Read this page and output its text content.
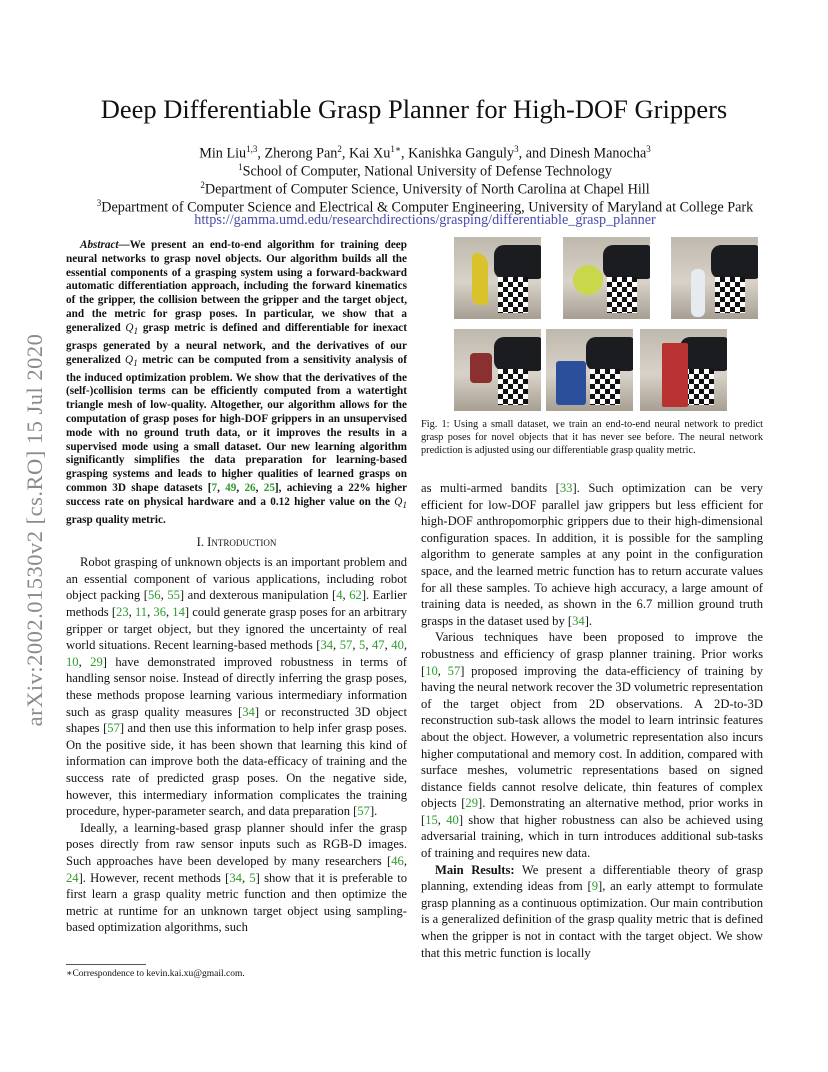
arXiv:2002.01530v2 [cs.RO] 15 Jul 2020
Deep Differentiable Grasp Planner for High-DOF Grippers
Min Liu$^{1,3}$, Zherong Pan$^2$, Kai $Xu^{1∗}$, Kanishka Ganguly$^3$, and Dinesh Manocha$^3$
$^1$School of Computer, National University of Defense Technology
$^2$Department of Computer Science, University of North Carolina at Chapel Hill
$^3$Department of Computer Science and Electrical & Computer Engineering, University of Maryland at College Park
https://gamma.umd.edu/researchdirections/grasping/differentiable_grasp_planner

Abstract—We present an end-to-end algorithm for training deep neural networks to grasp novel objects. Our algorithm builds all the essential components of a grasping system using a forward-backward automatic differentiation approach, including the forward kinematics of the gripper, the collision between the gripper and the target object, and the metric for grasp poses. In particular, we show that a generalized $Q_1$ grasp metric is defined and differentiable for inexact grasps generated by a neural network, and the derivatives of our generalized $Q_1$ metric can be computed from a sensitivity analysis of the induced optimization problem. We show that the derivatives of the (self-)collision terms can be efficiently computed from a watertight triangle mesh of low-quality. Altogether, our algorithm allows for the computation of grasp poses for high-DOF grippers in an unsupervised mode with no ground truth data, or it improves the results in a supervised mode using a small dataset. Our new learning algorithm significantly simplifies the data preparation for learning-based grasping systems and leads to higher qualities of learned grasps on common 3D shape datasets [7, 49, 26, 25], achieving a 22% higher success rate on physical hardware and a 0.12 higher value on the $Q_1$ grasp quality metric.

I. Introduction

Robot grasping of unknown objects is an important problem and an essential component of various applications, including robot object packing [56, 55] and dexterous manipulation [4, 62]. Earlier methods [23, 11, 36, 14] could generate grasp poses for an arbitrary gripper or target object, but they ignored the uncertainty of real world situations. Recent learning-based methods [34, 57, 5, 47, 40, 10, 29] have demonstrated improved robustness in terms of handling sensor noise. Instead of directly inferring the grasp poses, these methods propose learning various intermediary information such as grasp quality measures [34] or reconstructed 3D object shapes [57] and then use this information to help infer grasp poses. On the positive side, it has been shown that learning this kind of information can improve both the data-efficacy of training and the success rate of predicted grasp poses. On the negative side, however, this intermediary information complicates the training procedure, hyper-parameter search, and data preparation [57].

Ideally, a learning-based grasp planner should infer the grasp poses directly from raw sensor inputs such as RGB-D images. Such approaches have been developed by many researchers [46, 24]. However, recent methods [34, 5] show that it is preferable to first learn a grasp quality metric function and then optimize the metric at runtime for an unknown target object using sampling-based optimization algorithms, such

∗Correspondence to kevin.kai.xu@gmail.com.
Fig. 1: Using a small dataset, we train an end-to-end neural network to predict grasp poses for novel objects that it has never see before. The neural network prediction is adjusted using our differentiable grasp quality metric.

as multi-armed bandits [33]. Such optimization can be very efficient for low-DOF parallel jaw grippers but less efficient for high-DOF anthropomorphic grippers due to their high-dimensional configuration spaces. In addition, it is possible for the sampling algorithm to generate samples at any point in the configuration space, and the learned metric function has to return accurate values for all these samples. To achieve high accuracy, a large amount of training data is needed, as shown in the 6.7 million ground truth grasps in the dataset used by [34].

Various techniques have been proposed to improve the robustness and efficiency of grasp planner training. Prior works [10, 57] proposed improving the data-efficiency of training by having the neural network recover the 3D volumetric representation of the target object from 2D observations. A 2D-to-3D reconstruction sub-task allows the model to learn intrinsic features about the object. However, a volumetric representation also incurs higher computational and memory cost. In addition, compared with surface meshes, volumetric representations based on signed distance fields cannot resolve delicate, thin features of complex objects [29]. Demonstrating an alternative method, prior works in [15, 40] show that higher robustness can also be achieved using adversarial training, which in turn introduces additional sub-tasks of training and requires new data.

Main Results: We present a differentiable theory of grasp planning, extending ideas from [9], an early attempt to formulate grasp planning as a continuous optimization. Our main contribution is a generalized definition of the grasp quality metric that is defined when the gripper is not in contact with the target object. We show that this metric function is locally
